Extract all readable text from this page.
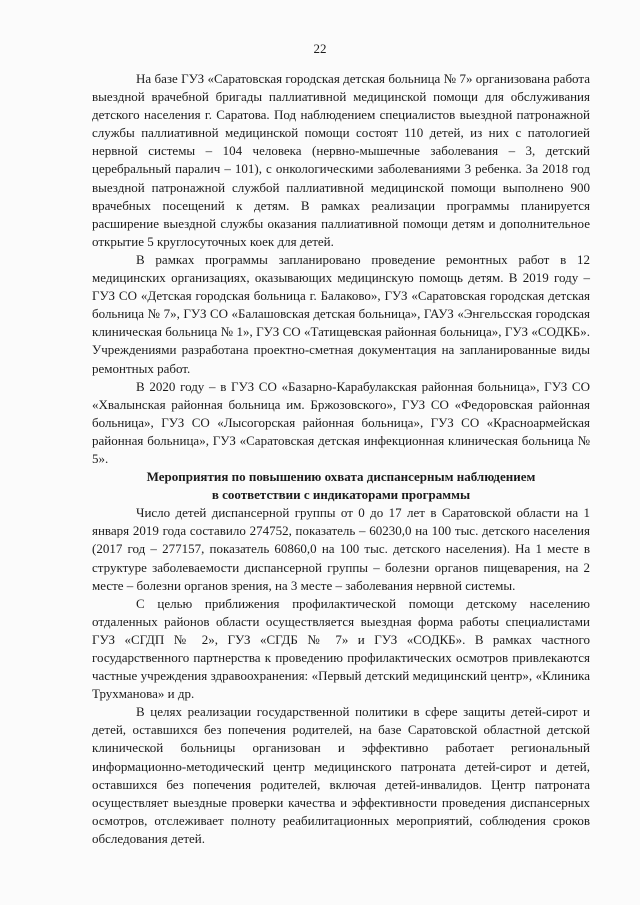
22

На базе ГУЗ «Саратовская городская детская больница № 7» организована работа выездной врачебной бригады паллиативной медицинской помощи для обслуживания детского населения г. Саратова. Под наблюдением специалистов выездной патронажной службы паллиативной медицинской помощи состоят 110 детей, из них с патологией нервной системы – 104 человека (нервно-мышечные заболевания – 3, детский церебральный паралич – 101), с онкологическими заболеваниями 3 ребенка. За 2018 год выездной патронажной службой паллиативной медицинской помощи выполнено 900 врачебных посещений к детям. В рамках реализации программы планируется расширение выездной службы оказания паллиативной помощи детям и дополнительное открытие 5 круглосуточных коек для детей.

В рамках программы запланировано проведение ремонтных работ в 12 медицинских организациях, оказывающих медицинскую помощь детям. В 2019 году – ГУЗ СО «Детская городская больница г. Балаково», ГУЗ «Саратовская городская детская больница № 7», ГУЗ СО «Балашовская детская больница», ГАУЗ «Энгельсская городская клиническая больница № 1», ГУЗ СО «Татищевская районная больница», ГУЗ «СОДКБ». Учреждениями разработана проектно-сметная документация на запланированные виды ремонтных работ.

В 2020 году – в ГУЗ СО «Базарно-Карабулакская районная больница», ГУЗ СО «Хвалынская районная больница им. Бржозовского», ГУЗ СО «Федоровская районная больница», ГУЗ СО «Лысогорская районная больница», ГУЗ СО «Красноармейская районная больница», ГУЗ «Саратовская детская инфекционная клиническая больница № 5».

Мероприятия по повышению охвата диспансерным наблюдением
в соответствии с индикаторами программы

Число детей диспансерной группы от 0 до 17 лет в Саратовской области на 1 января 2019 года составило 274752, показатель – 60230,0 на 100 тыс. детского населения (2017 год – 277157, показатель 60860,0 на 100 тыс. детского населения). На 1 месте в структуре заболеваемости диспансерной группы – болезни органов пищеварения, на 2 месте – болезни органов зрения, на 3 месте – заболевания нервной системы.

С целью приближения профилактической помощи детскому населению отдаленных районов области осуществляется выездная форма работы специалистами ГУЗ «СГДП № 2», ГУЗ «СГДБ № 7» и ГУЗ «СОДКБ». В рамках частного государственного партнерства к проведению профилактических осмотров привлекаются частные учреждения здравоохранения: «Первый детский медицинский центр», «Клиника Трухманова» и др.

В целях реализации государственной политики в сфере защиты детей-сирот и детей, оставшихся без попечения родителей, на базе Саратовской областной детской клинической больницы организован и эффективно работает региональный информационно-методический центр медицинского патроната детей-сирот и детей, оставшихся без попечения родителей, включая детей-инвалидов. Центр патроната осуществляет выездные проверки качества и эффективности проведения диспансерных осмотров, отслеживает полноту реабилитационных мероприятий, соблюдения сроков обследования детей.
